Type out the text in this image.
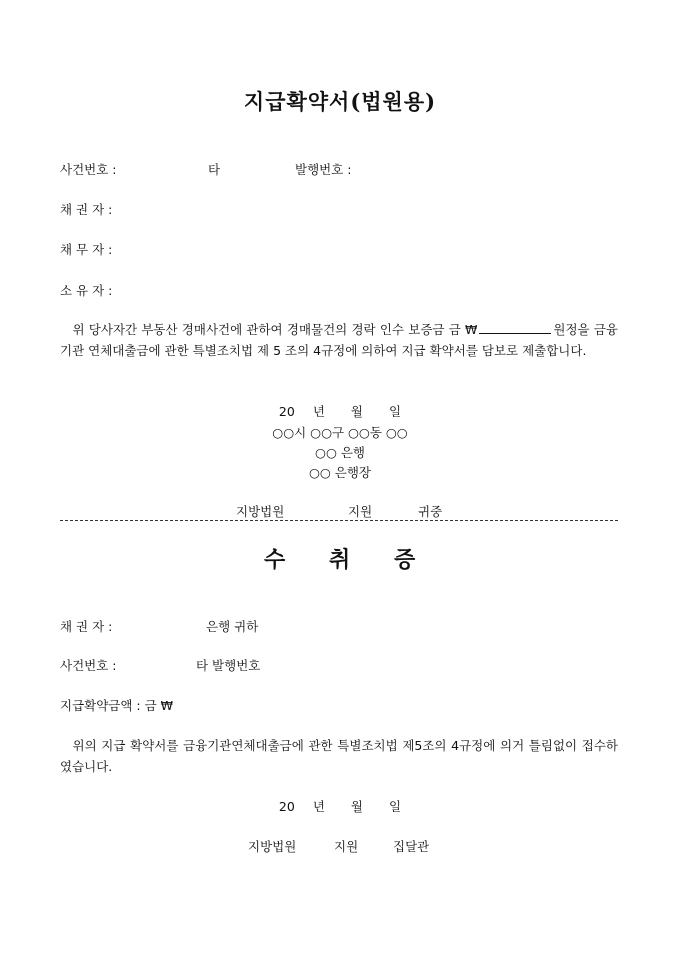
지급확약서(법원용)
사건번호 :	타	발행번호 :
채 권 자 :
채 무 자 :
소 유 자 :
위 당사자간 부동산 경매사건에 관하여 경매물건의 경락 인수 보증금 금 ₩	원정을 금융기관 연체대출금에 관한 특별조치법 제 5 조의 4규정에 의하여 지급 확약서를 담보로 제출합니다.
20 년 월 일
○○시 ○○구 ○○동 ○○
○○ 은행
○○ 은행장
지방법원	지원	귀중
수 취 증
채 권 자 :	은행 귀하
사건번호 :	타 발행번호
지급확약금액 : 금 ₩
위의 지급 확약서를 금융기관연체대출금에 관한 특별조치법 제5조의 4규정에 의거 틀림없이 접수하였습니다.
20 년 월 일
지방법원	지원	집달관
